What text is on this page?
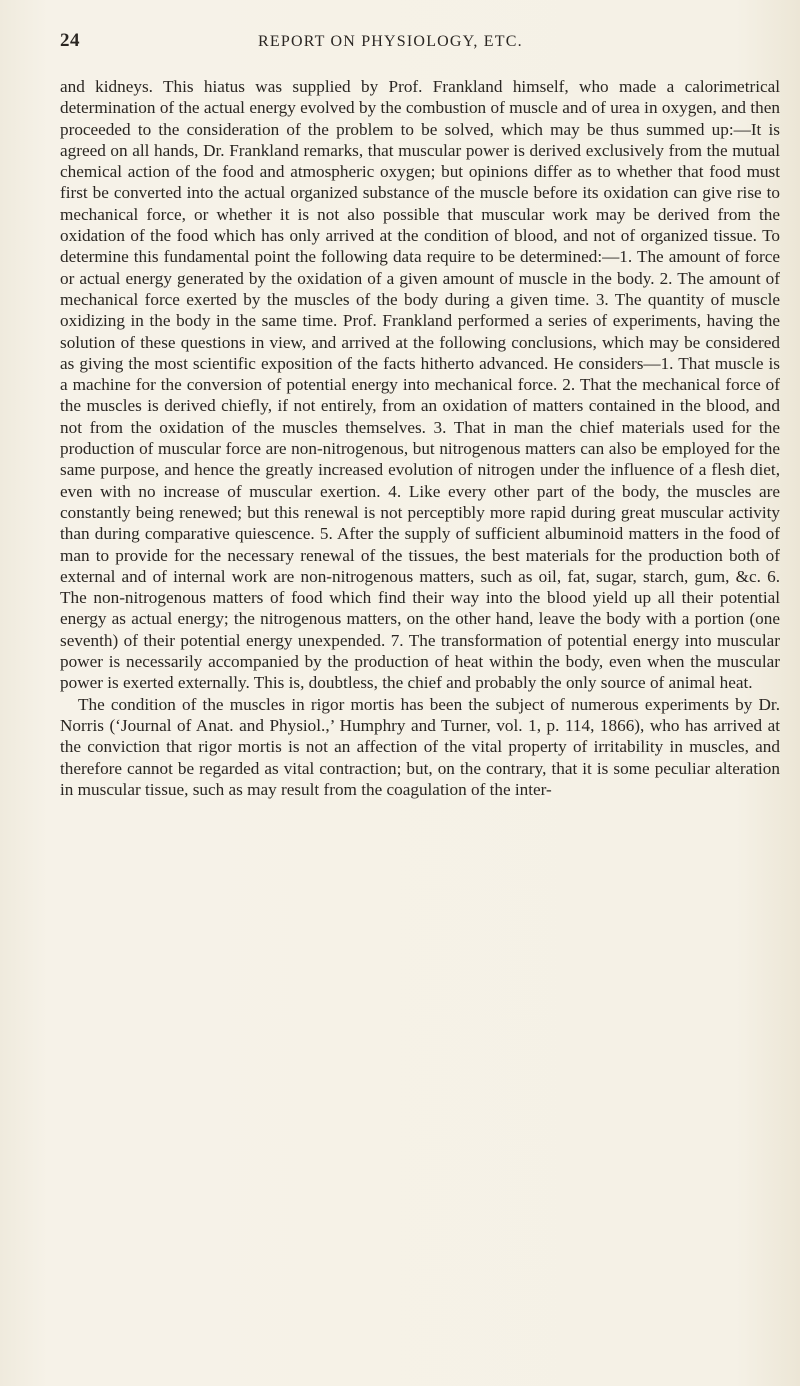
24	REPORT ON PHYSIOLOGY, ETC.

and kidneys. This hiatus was supplied by Prof. Frankland himself, who made a calorimetrical determination of the actual energy evolved by the combustion of muscle and of urea in oxygen, and then proceeded to the consideration of the problem to be solved, which may be thus summed up:—It is agreed on all hands, Dr. Frankland remarks, that muscular power is derived exclusively from the mutual chemical action of the food and atmospheric oxygen; but opinions differ as to whether that food must first be converted into the actual organized substance of the muscle before its oxidation can give rise to mechanical force, or whether it is not also possible that muscular work may be derived from the oxidation of the food which has only arrived at the condition of blood, and not of organized tissue. To determine this fundamental point the following data require to be determined:—1. The amount of force or actual energy generated by the oxidation of a given amount of muscle in the body. 2. The amount of mechanical force exerted by the muscles of the body during a given time. 3. The quantity of muscle oxidizing in the body in the same time. Prof. Frankland performed a series of experiments, having the solution of these questions in view, and arrived at the following conclusions, which may be considered as giving the most scientific exposition of the facts hitherto advanced. He considers—1. That muscle is a machine for the conversion of potential energy into mechanical force. 2. That the mechanical force of the muscles is derived chiefly, if not entirely, from an oxidation of matters contained in the blood, and not from the oxidation of the muscles themselves. 3. That in man the chief materials used for the production of muscular force are non-nitrogenous, but nitrogenous matters can also be employed for the same purpose, and hence the greatly increased evolution of nitrogen under the influence of a flesh diet, even with no increase of muscular exertion. 4. Like every other part of the body, the muscles are constantly being renewed; but this renewal is not perceptibly more rapid during great muscular activity than during comparative quiescence. 5. After the supply of sufficient albuminoid matters in the food of man to provide for the necessary renewal of the tissues, the best materials for the production both of external and of internal work are non-nitrogenous matters, such as oil, fat, sugar, starch, gum, &c. 6. The non-nitrogenous matters of food which find their way into the blood yield up all their potential energy as actual energy; the nitrogenous matters, on the other hand, leave the body with a portion (one seventh) of their potential energy unexpended. 7. The transformation of potential energy into muscular power is necessarily accompanied by the production of heat within the body, even when the muscular power is exerted externally. This is, doubtless, the chief and probably the only source of animal heat.

The condition of the muscles in rigor mortis has been the subject of numerous experiments by Dr. Norris (‘Journal of Anat. and Physiol.,’ Humphry and Turner, vol. 1, p. 114, 1866), who has arrived at the conviction that rigor mortis is not an affection of the vital property of irritability in muscles, and therefore cannot be regarded as vital contraction; but, on the contrary, that it is some peculiar alteration in muscular tissue, such as may result from the coagulation of the inter-
